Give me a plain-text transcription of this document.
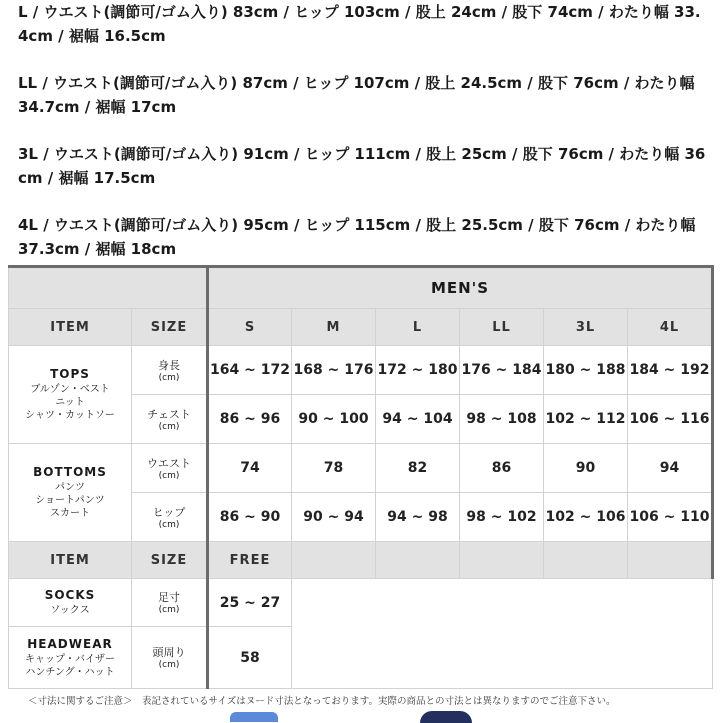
L / ウエスト(調節可/ゴム入り) 83cm / ヒップ 103cm / 股上 24cm / 股下 74cm / わたり幅 33.4cm / 裾幅 16.5cm

LL / ウエスト(調節可/ゴム入り) 87cm / ヒップ 107cm / 股上 24.5cm / 股下 76cm / わたり幅 34.7cm / 裾幅 17cm

3L / ウエスト(調節可/ゴム入り) 91cm / ヒップ 111cm / 股上 25cm / 股下 76cm / わたり幅 36cm / 裾幅 17.5cm

4L / ウエスト(調節可/ゴム入り) 95cm / ヒップ 115cm / 股上 25.5cm / 股下 76cm / わたり幅 37.3cm / 裾幅 18cm

		MEN'S					
ITEM	SIZE	S	M	L	LL	3L	4L

TOPS
ブルゾン・ベスト
ニット
シャツ・カットソー	身長
(cm)	164 ~ 172	168 ~ 176	172 ~ 180	176 ~ 184	180 ~ 188	184 ~ 192

	チェスト
(cm)	86 ~ 96	90 ~ 100	94 ~ 104	98 ~ 108	102 ~ 112	106 ~ 116

BOTTOMS
パンツ
ショートパンツ
スカート	ウエスト
(cm)	74	78	82	86	90	94

	ヒップ
(cm)	86 ~ 90	90 ~ 94	94 ~ 98	98 ~ 102	102 ~ 106	106 ~ 110
ITEM	SIZE	FREE					

SOCKS
ソックス	足寸
(cm)	25 ~ 27					

HEADWEAR
キャップ・バイザー
ハンチング・ハット	頭周り
(cm)	58					
＜寸法に関するご注意＞　表記されているサイズはヌード寸法となっております。実際の商品との寸法とは異なりますのでご注意下さい。
